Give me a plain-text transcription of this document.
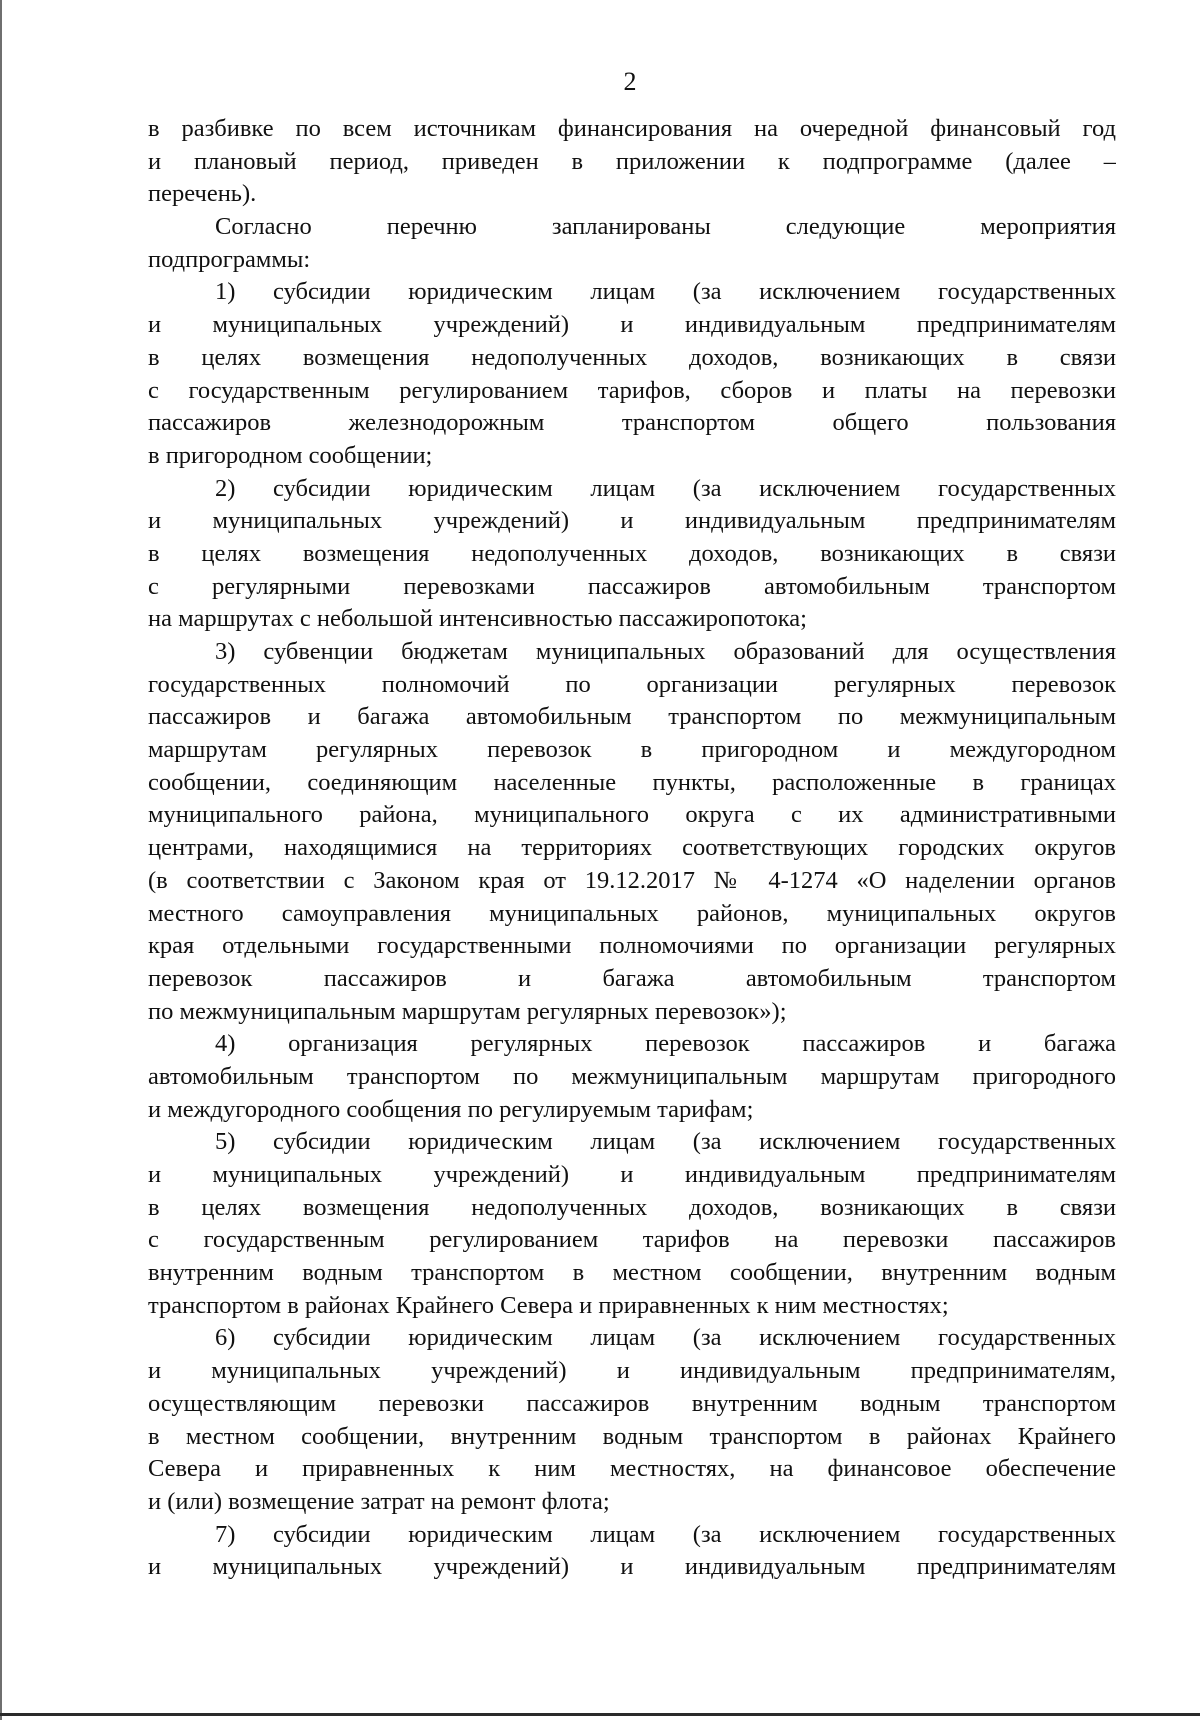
2
в разбивке по всем источникам финансирования на очередной финансовый год
и плановый период, приведен в приложении к подпрограмме (далее –
перечень).
Согласно перечню запланированы следующие мероприятия
подпрограммы:
1) субсидии юридическим лицам (за исключением государственных
и муниципальных учреждений) и индивидуальным предпринимателям
в целях возмещения недополученных доходов, возникающих в связи
с государственным регулированием тарифов, сборов и платы на перевозки
пассажиров железнодорожным транспортом общего пользования
в пригородном сообщении;
2) субсидии юридическим лицам (за исключением государственных
и муниципальных учреждений) и индивидуальным предпринимателям
в целях возмещения недополученных доходов, возникающих в связи
с регулярными перевозками пассажиров автомобильным транспортом
на маршрутах с небольшой интенсивностью пассажиропотока;
3) субвенции бюджетам муниципальных образований для осуществления
государственных полномочий по организации регулярных перевозок
пассажиров и багажа автомобильным транспортом по межмуниципальным
маршрутам регулярных перевозок в пригородном и междугородном
сообщении, соединяющим населенные пункты, расположенные в границах
муниципального района, муниципального округа с их административными
центрами, находящимися на территориях соответствующих городских округов
(в соответствии с Законом края от 19.12.2017 № 4-1274 «О наделении органов
местного самоуправления муниципальных районов, муниципальных округов
края отдельными государственными полномочиями по организации регулярных
перевозок пассажиров и багажа автомобильным транспортом
по межмуниципальным маршрутам регулярных перевозок»);
4) организация регулярных перевозок пассажиров и багажа
автомобильным транспортом по межмуниципальным маршрутам пригородного
и междугородного сообщения по регулируемым тарифам;
5) субсидии юридическим лицам (за исключением государственных
и муниципальных учреждений) и индивидуальным предпринимателям
в целях возмещения недополученных доходов, возникающих в связи
с государственным регулированием тарифов на перевозки пассажиров
внутренним водным транспортом в местном сообщении, внутренним водным
транспортом в районах Крайнего Севера и приравненных к ним местностях;
6) субсидии юридическим лицам (за исключением государственных
и муниципальных учреждений) и индивидуальным предпринимателям,
осуществляющим перевозки пассажиров внутренним водным транспортом
в местном сообщении, внутренним водным транспортом в районах Крайнего
Севера и приравненных к ним местностях, на финансовое обеспечение
и (или) возмещение затрат на ремонт флота;
7) субсидии юридическим лицам (за исключением государственных
и муниципальных учреждений) и индивидуальным предпринимателям
